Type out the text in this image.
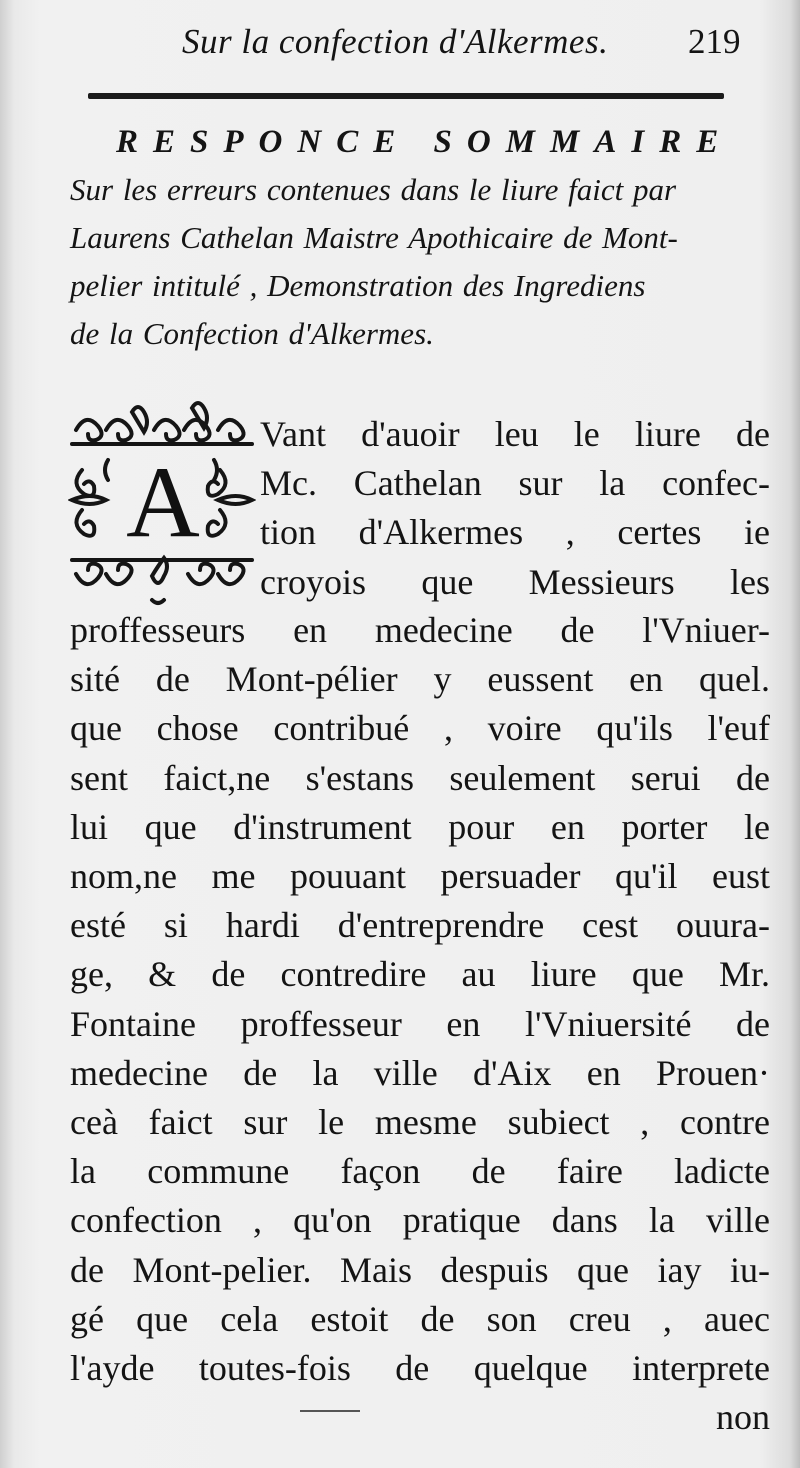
Sur la confection d'Alkermes. 219
RESPONCE SOMMAIRE
Sur les erreurs contenues dans le liure faict par
Laurens Cathelan Maistre Apothicaire de Mont-
pelier intitulé , Demonstration des Ingrediens
de la Confection d'Alkermes.
A
Vant d'auoir leu le liure de
Mc. Cathelan sur la confec-
tion d'Alkermes , certes ie
croyois que Messieurs les
proffesseurs en medecine de l'Vniuer-
sité de Mont-pélier y eussent en quel.
que chose contribué , voire qu'ils l'euf
sent faict,ne s'estans seulement serui de
lui que d'instrument pour en porter le
nom,ne me pouuant persuader qu'il eust
esté si hardi d'entreprendre cest ouura-
ge, & de contredire au liure que Mr.
Fontaine proffesseur en l'Vniuersité de
medecine de la ville d'Aix en Prouen·
ceà faict sur le mesme subiect , contre
la commune façon de faire ladicte
confection , qu'on pratique dans la ville
de Mont-pelier. Mais despuis que iay iu-
gé que cela estoit de son creu , auec
l'ayde toutes-fois de quelque interprete
non
